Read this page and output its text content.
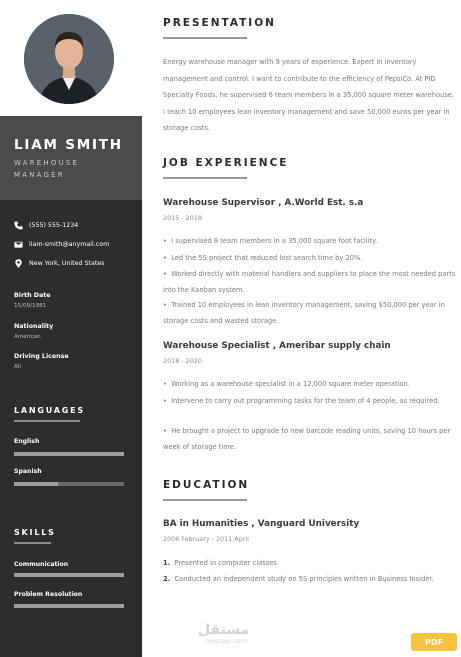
LIAM SMITH
WAREHOUSE MANAGER
(555) 555-1234
liam-smith@anymail.com
New York, United States
Birth Date
15/09/1981
Nationality
American
Driving License
All
LANGUAGES
English
Spanish
SKILLS
Communication
Problem Resolution
PRESENTATION
Energy warehouse manager with 9 years of experience. Expert in inventory management and control. I want to contribute to the efficiency of PepsiCo. At PID Specialty Foods, he supervised 6 team members in a 35,000 square meter warehouse. I teach 10 employees lean inventory management and save 50,000 euros per year in storage costs.
JOB EXPERIENCE
Warehouse Supervisor , A.World Est. s.a
2015 - 2018
•  I supervised 8 team members in a 35,000 square foot facility.
•  Led the 5S project that reduced lost search time by 20%.
•  Worked directly with material handlers and suppliers to place the most needed parts into the Kanban system.
•  Trained 10 employees in lean inventory management, saving $50,000 per year in storage costs and wasted storage.
Warehouse Specialist , Ameribar supply chain
2018 - 2020
•  Working as a warehouse specialist in a 12,000 square meter operation.
•  Intervene to carry out programming tasks for the team of 4 people, as required.
•  He brought a project to upgrade to new barcode reading units, saving 10 hours per week of storage time.
EDUCATION
BA in Humanities , Vanguard University
2006 February - 2011 April
1. Presented in computer classes.
2. Conducted an independent study on 5S principles written in Business Insider.
مستقل
mostaql.com	PDF
